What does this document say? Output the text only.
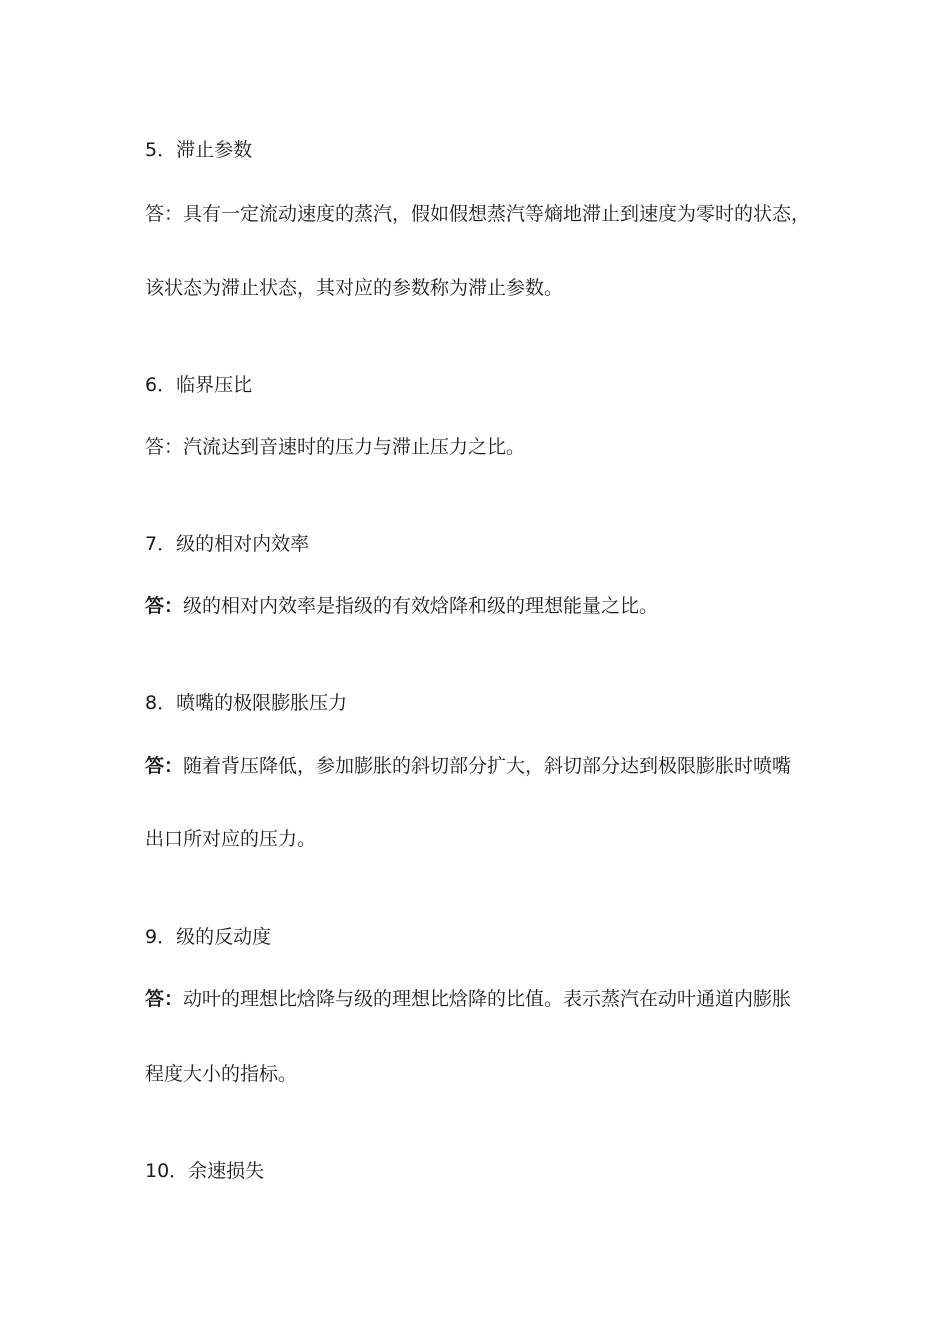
5．滞止参数
答：具有一定流动速度的蒸汽，假如假想蒸汽等熵地滞止到速度为零时的状态，
该状态为滞止状态，其对应的参数称为滞止参数。
6．临界压比
答：汽流达到音速时的压力与滞止压力之比。
7．级的相对内效率
答：级的相对内效率是指级的有效焓降和级的理想能量之比。
8．喷嘴的极限膨胀压力
答：随着背压降低，参加膨胀的斜切部分扩大，斜切部分达到极限膨胀时喷嘴
出口所对应的压力。
9．级的反动度
答：动叶的理想比焓降与级的理想比焓降的比值。表示蒸汽在动叶通道内膨胀
程度大小的指标。
10．余速损失
